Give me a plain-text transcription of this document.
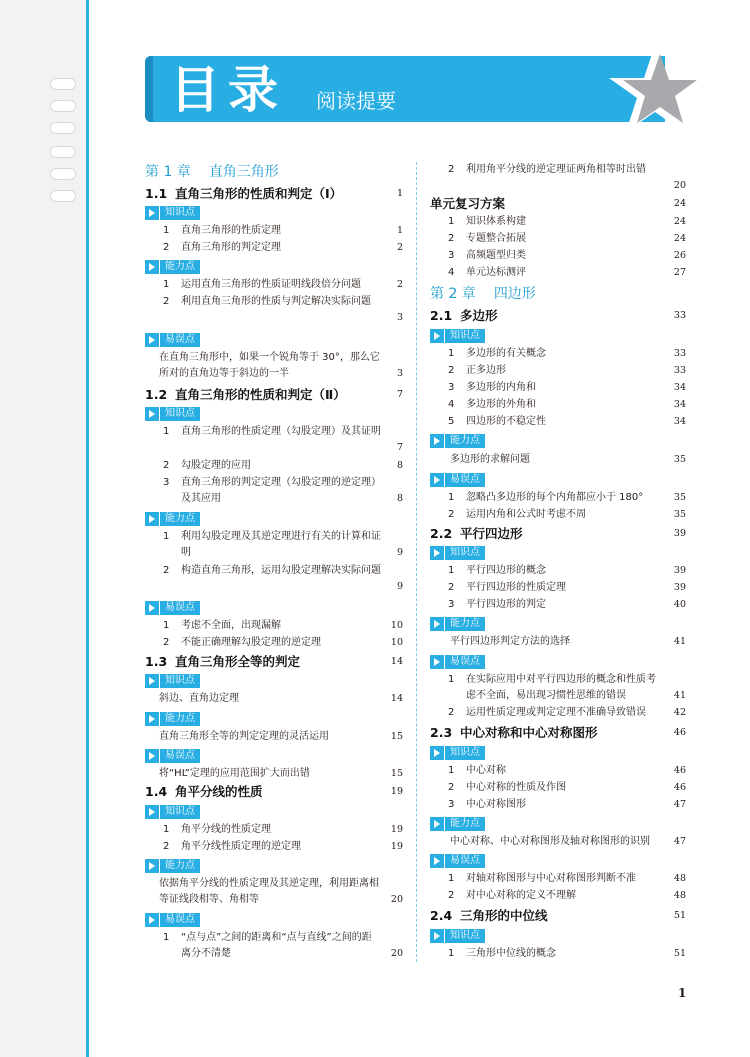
目录 阅读提要
第 1 章 直角三角形
1.1 直角三角形的性质和判定（Ⅰ）	1
知识点
1	直角三角形的性质定理	1
2	直角三角形的判定定理	2
能力点
1	运用直角三角形的性质证明线段倍分问题	2
2	利用直角三角形的性质与判定解决实际问题
3
易误点
在直角三角形中，如果一个锐角等于 30°，那么它所对的直角边等于斜边的一半	3
1.2 直角三角形的性质和判定（Ⅱ）	7
知识点
1	直角三角形的性质定理（勾股定理）及其证明
7
2	勾股定理的应用	8
3	直角三角形的判定定理（勾股定理的逆定理）及其应用	8
能力点
1	利用勾股定理及其逆定理进行有关的计算和证明	9
2	构造直角三角形，运用勾股定理解决实际问题
9
易误点
1	考虑不全面，出现漏解	10
2	不能正确理解勾股定理的逆定理	10
1.3 直角三角形全等的判定	14
知识点
斜边、直角边定理	14
能力点
直角三角形全等的判定定理的灵活运用	15
易误点
将“HL”定理的应用范围扩大而出错	15
1.4 角平分线的性质	19
知识点
1	角平分线的性质定理	19
2	角平分线性质定理的逆定理	19
能力点
依据角平分线的性质定理及其逆定理，利用距离相等证线段相等、角相等	20
易误点
1	“点与点”之间的距离和“点与直线”之间的距离分不清楚	20
2	利用角平分线的逆定理证两角相等时出错
20
单元复习方案	24
1	知识体系构建	24
2	专题整合拓展	24
3	高频题型归类	26
4	单元达标测评	27
第 2 章 四边形
2.1 多边形	33
知识点
1	多边形的有关概念	33
2	正多边形	33
3	多边形的内角和	34
4	多边形的外角和	34
5	四边形的不稳定性	34
能力点
多边形的求解问题	35
易误点
1	忽略凸多边形的每个内角都应小于 180°	35
2	运用内角和公式时考虑不周	35
2.2 平行四边形	39
知识点
1	平行四边形的概念	39
2	平行四边形的性质定理	39
3	平行四边形的判定	40
能力点
平行四边形判定方法的选择	41
易误点
1	在实际应用中对平行四边形的概念和性质考虑不全面，易出现习惯性思维的错误	41
2	运用性质定理或判定定理不准确导致错误	42
2.3 中心对称和中心对称图形	46
知识点
1	中心对称	46
2	中心对称的性质及作图	46
3	中心对称图形	47
能力点
中心对称、中心对称图形及轴对称图形的识别	47
易误点
1	对轴对称图形与中心对称图形判断不准	48
2	对中心对称的定义不理解	48
2.4 三角形的中位线	51
知识点
1	三角形中位线的概念	51
1
